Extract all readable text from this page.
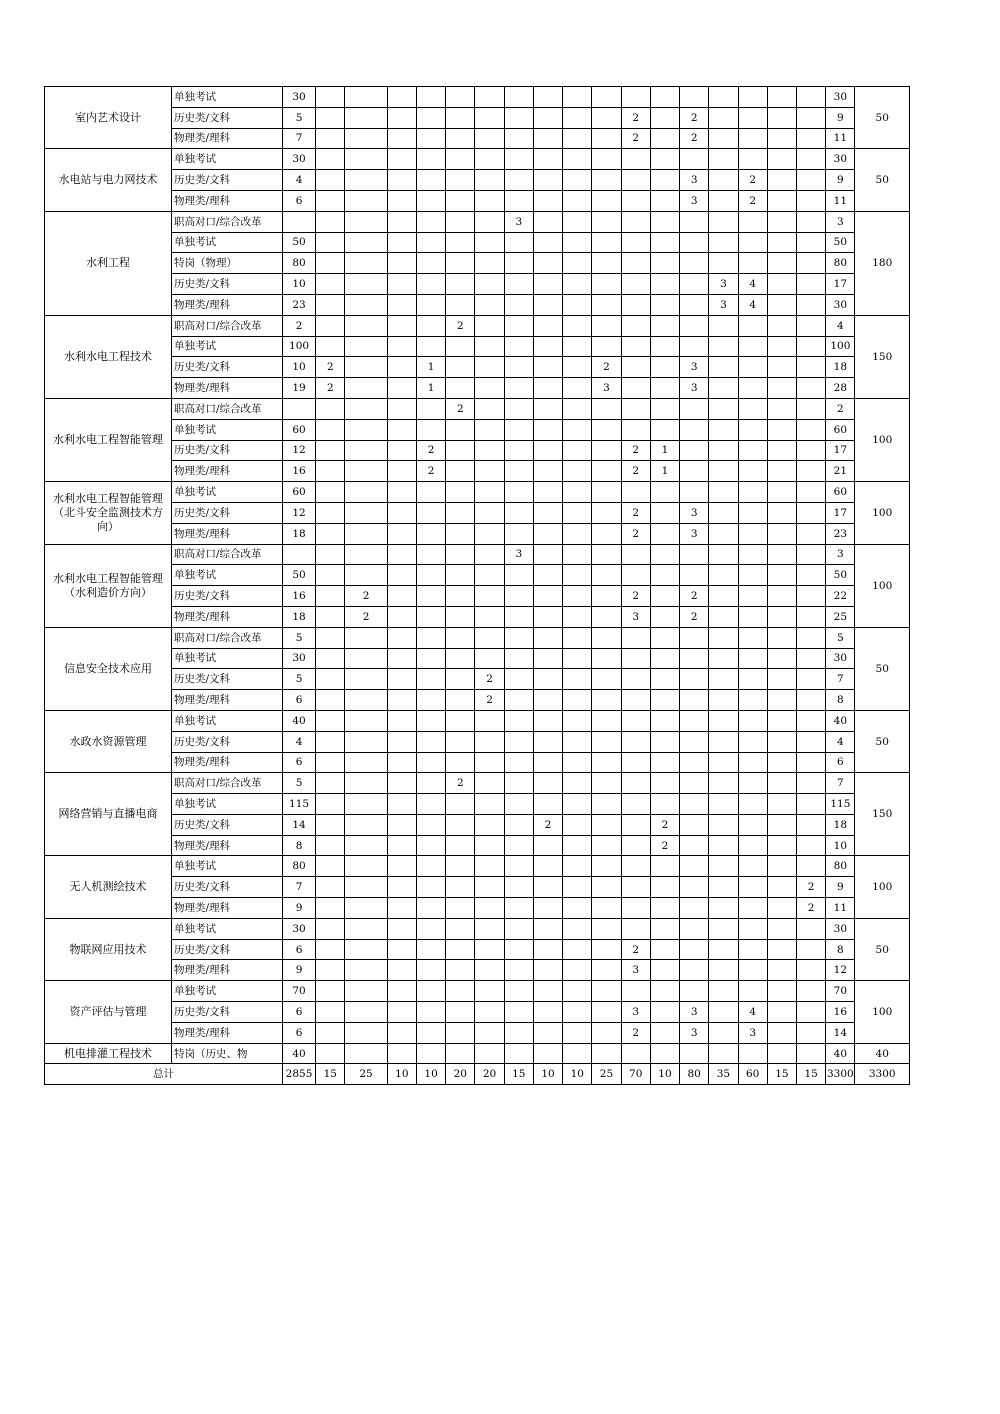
室内艺术设计	单独考试	30																		30	50
	历史类/文科	5											2		2					9	
	物理类/理科	7											2		2					11	
水电站与电力网技术	单独考试	30																		30	50
	历史类/文科	4													3		2			9	
	物理类/理科	6													3		2			11	
水利工程	职高对口/综合改革								3											3	180
	单独考试	50																		50	
	特岗（物理）	80																		80	
	历史类/文科	10														3	4			17	
	物理类/理科	23														3	4			30	
水利水电工程技术	职高对口/综合改革	2					2													4	150
	单独考试	100																		100	
	历史类/文科	10	2			1						2			3					18	
	物理类/理科	19	2			1						3			3					28	
水利水电工程智能管理	职高对口/综合改革						2													2	100
	单独考试	60																		60	
	历史类/文科	12				2							2	1						17	
	物理类/理科	16				2							2	1						21	
水利水电工程智能管理（北斗安全监测技术方向）	单独考试	60																		60	100
	历史类/文科	12											2		3					17	
	物理类/理科	18											2		3					23	
水利水电工程智能管理（水利造价方向）	职高对口/综合改革								3											3	100
	单独考试	50																		50	
	历史类/文科	16		2									2		2					22	
	物理类/理科	18		2									3		2					25	
信息安全技术应用	职高对口/综合改革	5																		5	50
	单独考试	30																		30	
	历史类/文科	5						2												7	
	物理类/理科	6						2												8	
水政水资源管理	单独考试	40																		40	50
	历史类/文科	4																		4	
	物理类/理科	6																		6	
网络营销与直播电商	职高对口/综合改革	5					2													7	150
	单独考试	115																		115	
	历史类/文科	14								2				2						18	
	物理类/理科	8												2						10	
无人机测绘技术	单独考试	80																		80	100
	历史类/文科	7																	2	9	
	物理类/理科	9																	2	11	
物联网应用技术	单独考试	30																		30	50
	历史类/文科	6											2							8	
	物理类/理科	9											3							12	
资产评估与管理	单独考试	70																		70	100
	历史类/文科	6											3		3		4			16	
	物理类/理科	6											2		3		3			14	
机电排灌工程技术	特岗（历史、物	40																		40	40
总计		2855	15	25	10	10	20	20	15	10	10	25	70	10	80	35	60	15	15	3300	3300
